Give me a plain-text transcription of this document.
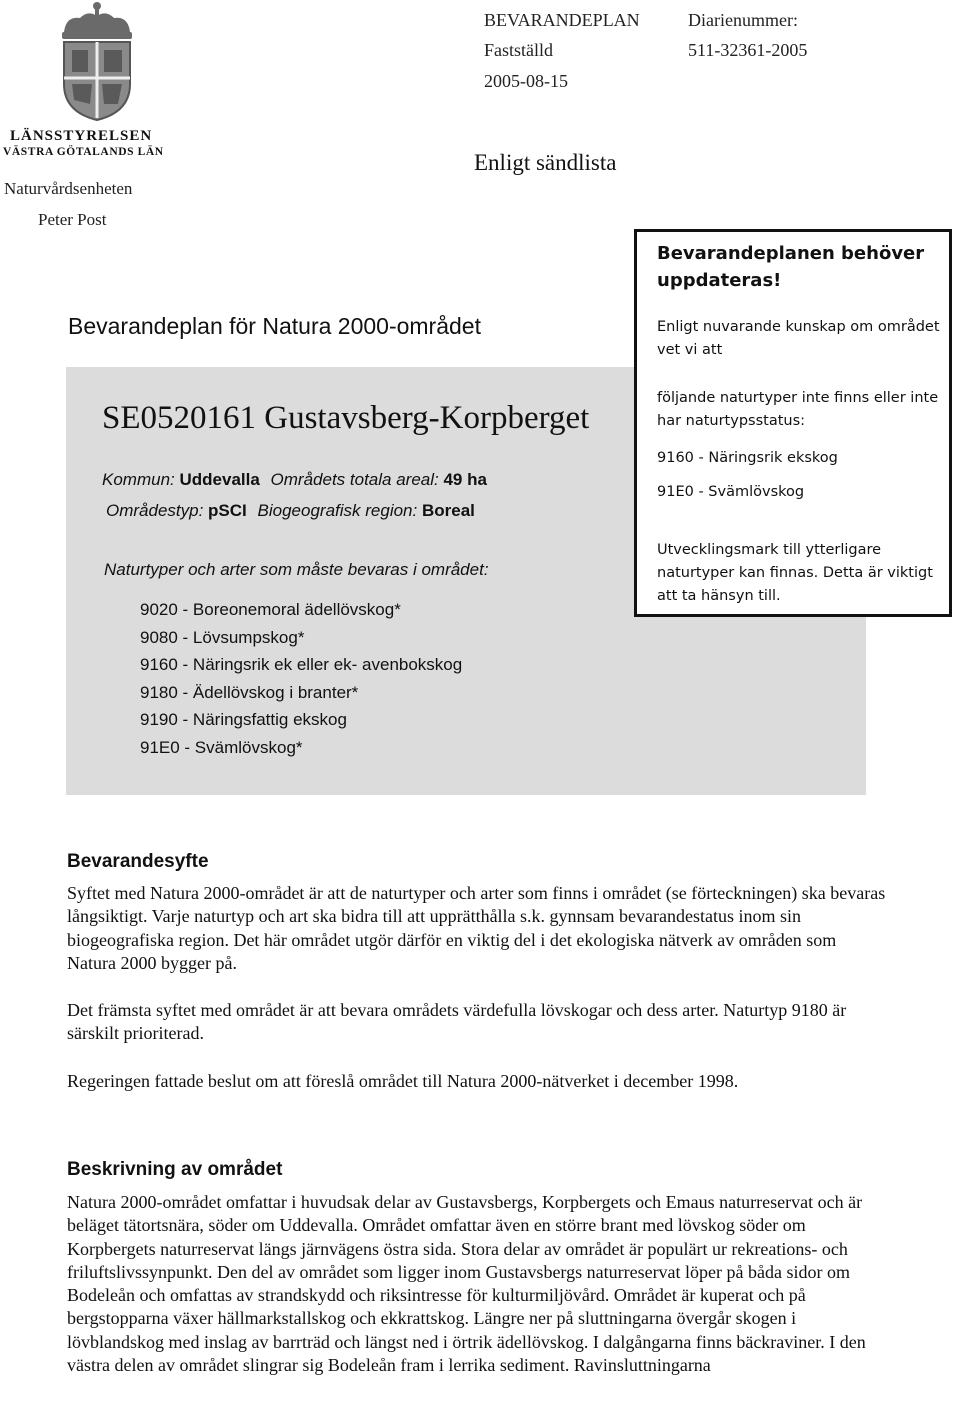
LÄNSSTYRELSEN
VÄSTRA GÖTALANDS LÄN
Naturvårdsenheten
Peter Post
BEVARANDEPLAN
Fastställd
2005-08-15
Diarienummer:
511-32361-2005
Enligt sändlista
Bevarandeplan för Natura 2000-området
SE0520161 Gustavsberg-Korpberget
Kommun: Uddevalla Områdets totala areal: 49 ha
Områdestyp: pSCI Biogeografisk region: Boreal
Naturtyper och arter som måste bevaras i området:
9020 - Boreonemoral ädellövskog*
9080 - Lövsumpskog*
9160 - Näringsrik ek eller ek- avenbokskog
9180 - Ädellövskog i branter*
9190 - Näringsfattig ekskog
91E0 - Svämlövskog*
Bevarandeplanen behöver uppdateras!
Enligt nuvarande kunskap om området vet vi att
följande naturtyper inte finns eller inte har naturtypsstatus:
9160 - Näringsrik ekskog
91E0 - Svämlövskog
Utvecklingsmark till ytterligare naturtyper kan finnas. Detta är viktigt att ta hänsyn till.
Bevarandesyfte

Syftet med Natura 2000-området är att de naturtyper och arter som finns i området (se förteckningen) ska bevaras långsiktigt. Varje naturtyp och art ska bidra till att upprätthålla s.k. gynnsam bevarandestatus inom sin biogeografiska region. Det här området utgör därför en viktig del i det ekologiska nätverk av områden som Natura 2000 bygger på.

Det främsta syftet med området är att bevara områdets värdefulla lövskogar och dess arter. Naturtyp 9180 är särskilt prioriterad.

Regeringen fattade beslut om att föreslå området till Natura 2000-nätverket i december 1998.

Beskrivning av området

Natura 2000-området omfattar i huvudsak delar av Gustavsbergs, Korpbergets och Emaus naturreservat och är beläget tätortsnära, söder om Uddevalla. Området omfattar även en större brant med lövskog söder om Korpbergets naturreservat längs järnvägens östra sida. Stora delar av området är populärt ur rekreations- och friluftslivssynpunkt. Den del av området som ligger inom Gustavsbergs naturreservat löper på båda sidor om Bodeleån och omfattas av strandskydd och riksintresse för kulturmiljövård. Området är kuperat och på bergstopparna växer hällmarkstallskog och ekkrattskog. Längre ner på sluttningarna övergår skogen i lövblandskog med inslag av barrträd och längst ned i örtrik ädellövskog. I dalgångarna finns bäckraviner. I den västra delen av området slingrar sig Bodeleån fram i lerrika sediment. Ravinsluttningarna
